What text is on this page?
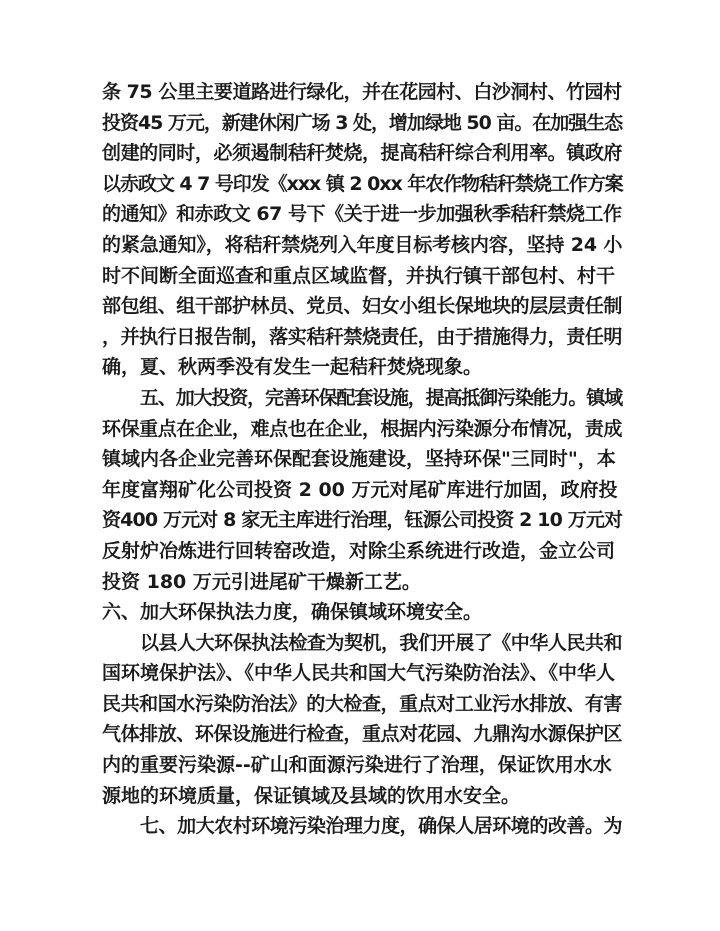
条 75 公里主要道路进行绿化，并在花园村、白沙洞村、竹园村
投资45 万元，新建休闲广场 3 处，增加绿地 50 亩。在加强生态
创建的同时，必须遏制秸秆焚烧，提高秸秆综合利用率。镇政府
以赤政文 4 7 号印发《xxx 镇 2 0xx 年农作物秸秆禁烧工作方案
的通知》和赤政文 67 号下《关于进一步加强秋季秸秆禁烧工作
的紧急通知》，将秸秆禁烧列入年度目标考核内容，坚持 24 小
时不间断全面巡查和重点区域监督，并执行镇干部包村、村干
部包组、组干部护林员、党员、妇女小组长保地块的层层责任制
，并执行日报告制，落实秸秆禁烧责任，由于措施得力，责任明
确，夏、秋两季没有发生一起秸秆焚烧现象。
五、加大投资，完善环保配套设施，提高抵御污染能力。镇域
环保重点在企业，难点也在企业，根据内污染源分布情况，责成
镇域内各企业完善环保配套设施建设，坚持环保"三同时"，本
年度富翔矿化公司投资 2 00 万元对尾矿库进行加固，政府投
资400 万元对 8 家无主库进行治理，钰源公司投资 2 10 万元对
反射炉冶炼进行回转窑改造，对除尘系统进行改造，金立公司
投资 180 万元引进尾矿干燥新工艺。
六、加大环保执法力度，确保镇域环境安全。
以县人大环保执法检查为契机，我们开展了《中华人民共和
国环境保护法》、《中华人民共和国大气污染防治法》、《中华人
民共和国水污染防治法》的大检查，重点对工业污水排放、有害
气体排放、环保设施进行检查，重点对花园、九鼎沟水源保护区
内的重要污染源--矿山和面源污染进行了治理，保证饮用水水
源地的环境质量，保证镇域及县域的饮用水安全。
七、加大农村环境污染治理力度，确保人居环境的改善。为
